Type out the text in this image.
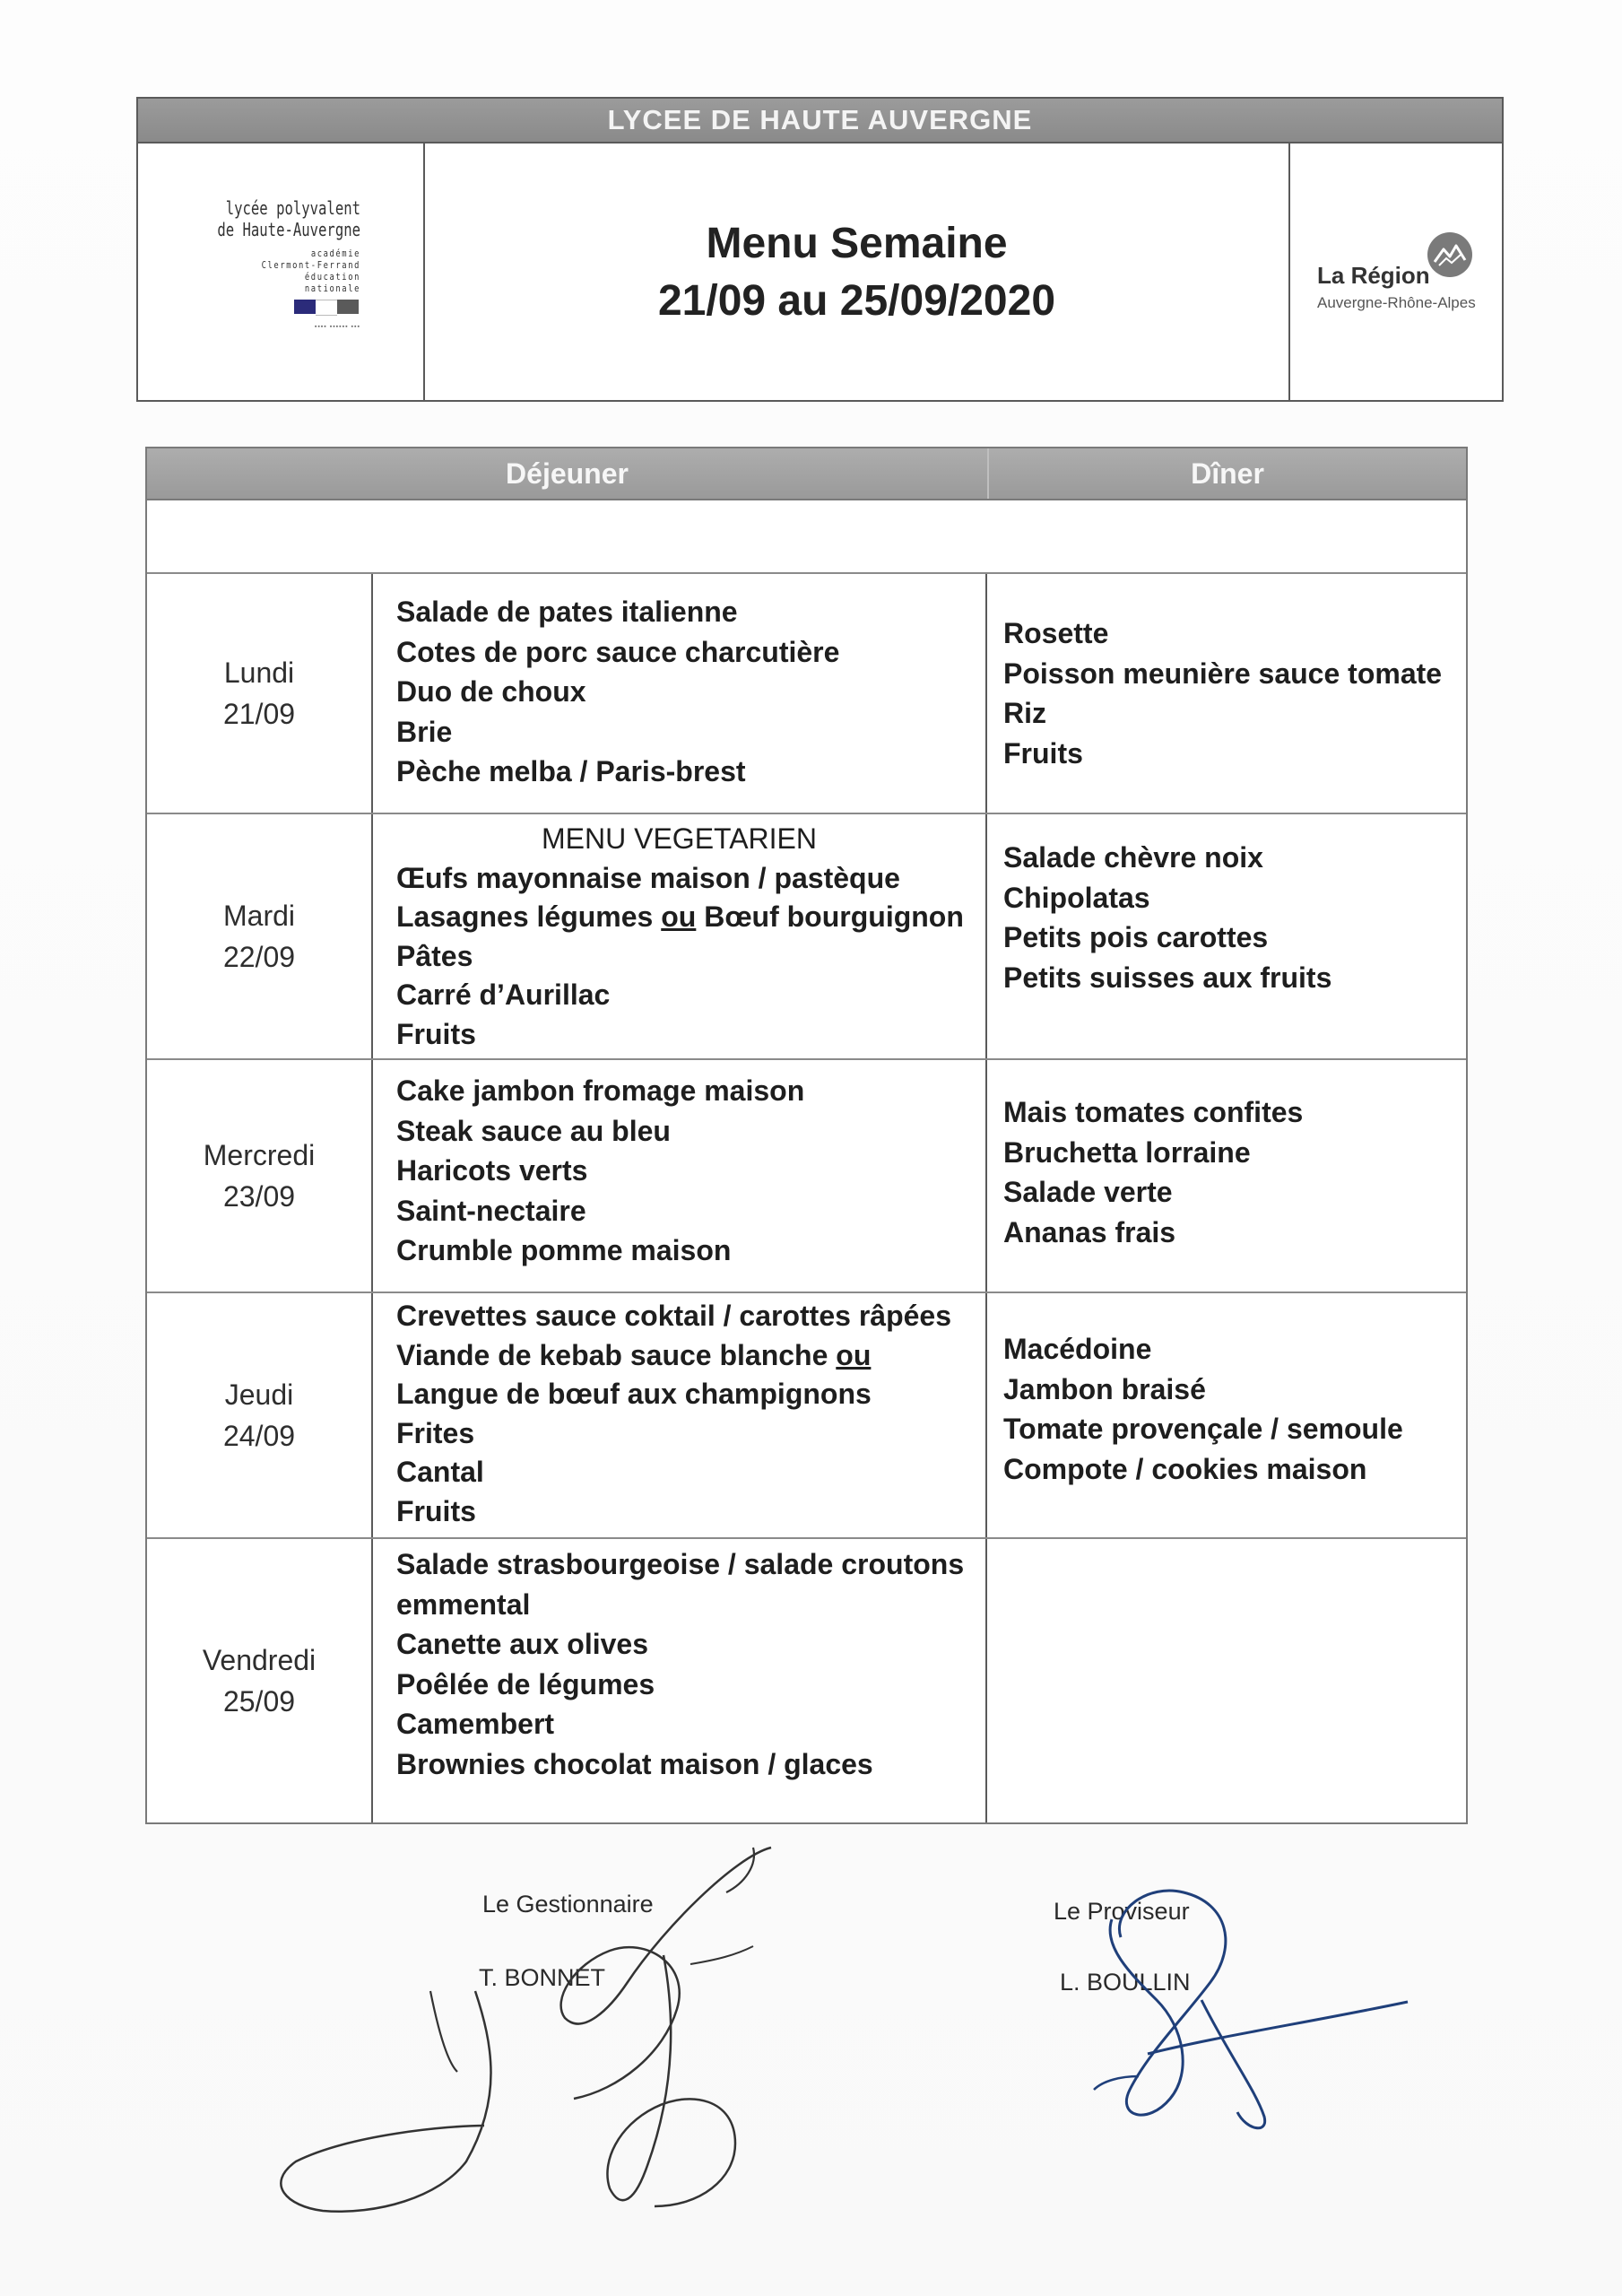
LYCEE DE HAUTE AUVERGNE
lycée polyvalent
de Haute-Auvergne
académie
Clermont-Ferrand
éducation
nationale
▪▪▪▪ ▪▪▪▪▪▪ ▪▪▪
Menu Semaine
21/09 au 25/09/2020
La Région
Auvergne-Rhône-Alpes
Déjeuner	Dîner
Lundi
21/09
Salade de pates italienne
Cotes de porc sauce charcutière
Duo de choux
Brie
Pèche melba / Paris-brest
Rosette
Poisson meunière sauce tomate
Riz
Fruits
Mardi
22/09
MENU VEGETARIEN
Œufs mayonnaise maison / pastèque
Lasagnes légumes ou Bœuf bourguignon
Pâtes
Carré d’Aurillac
Fruits
Salade chèvre noix
Chipolatas
Petits pois carottes
Petits suisses aux fruits
Mercredi
23/09
Cake jambon fromage maison
Steak sauce au bleu
Haricots verts
Saint-nectaire
Crumble pomme maison
Mais tomates confites
Bruchetta lorraine
Salade verte
Ananas frais
Jeudi
24/09
Crevettes sauce coktail / carottes râpées
Viande de kebab sauce blanche ou
Langue de bœuf aux champignons
Frites
Cantal
Fruits
Macédoine
Jambon braisé
Tomate provençale / semoule
Compote / cookies maison
Vendredi
25/09
Salade strasbourgeoise / salade croutons
emmental
Canette aux olives
Poêlée de légumes
Camembert
Brownies chocolat maison / glaces
Le Gestionnaire
T. BONNET
Le Proviseur
L. BOULLIN
